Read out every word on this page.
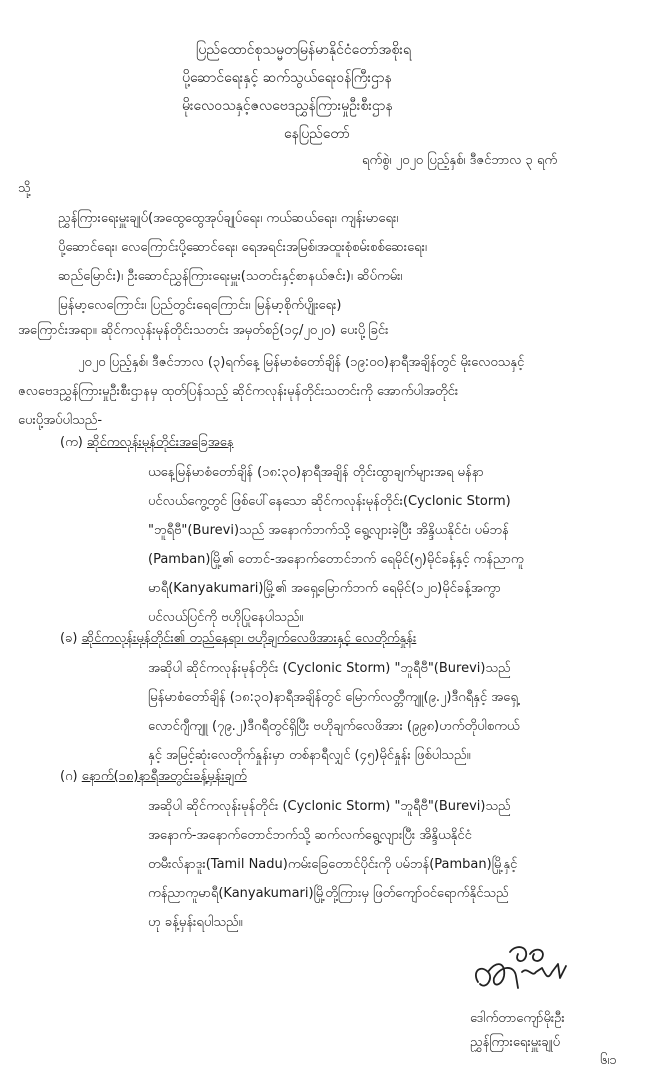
ပြည်ထောင်စုသမ္မတမြန်မာနိုင်ငံတော်အစိုးရ
ပို့ဆောင်ရေးနှင့် ဆက်သွယ်ရေးဝန်ကြီးဌာန
မိုးလေဝသနှင့်ဇလဗေဒညွှန်ကြားမှုဦးစီးဌာန
နေပြည်တော်
ရက်စွဲ၊ ၂၀၂၀ ပြည့်နှစ်၊ ဒီဇင်ဘာလ ၃ ရက်
သို့
ညွှန်ကြားရေးမှူးချုပ်(အထွေထွေအုပ်ချုပ်ရေး၊ ကယ်ဆယ်ရေး၊ ကျန်းမာရေး၊
ပို့ဆောင်ရေး၊ လေကြောင်းပို့ဆောင်ရေး၊ ရေအရင်းအမြစ်၊အထူးစုံစမ်းစစ်ဆေးရေး၊
ဆည်မြောင်း)၊ ဦးဆောင်ညွှန်ကြားရေးမှူး(သတင်းနှင့်စာနယ်ဇင်း)၊ ဆိပ်ကမ်း၊
မြန်မာ့လေကြောင်း၊ ပြည်တွင်းရေကြောင်း၊ မြန်မာ့စိုက်ပျိုးရေး)
အကြောင်းအရာ။ ဆိုင်ကလုန်းမုန်တိုင်းသတင်း အမှတ်စဉ်(၁၄/၂၀၂၀) ပေးပို့ခြင်း
၂၀၂၀ ပြည့်နှစ်၊ ဒီဇင်ဘာလ (၃)ရက်နေ့ မြန်မာစံတော်ချိန် (၁၉:၀၀)နာရီအချိန်တွင် မိုးလေဝသနှင့်
ဇလဗေဒညွှန်ကြားမှုဦးစီးဌာနမှ ထုတ်ပြန်သည့် ဆိုင်ကလုန်းမုန်တိုင်းသတင်းကို အောက်ပါအတိုင်း
ပေးပို့အပ်ပါသည်-
(က) ဆိုင်ကလုန်းမုန်တိုင်းအခြေအနေ
ယနေ့မြန်မာစံတော်ချိန် (၁၈:၃၀)နာရီအချိန် တိုင်းထွာချက်များအရ မန်နာ
ပင်လယ်ကွေ့တွင် ဖြစ်ပေါ်နေသော ဆိုင်ကလုန်းမုန်တိုင်း(Cyclonic Storm)
"ဘူရီဗီ"(Burevi)သည် အနောက်ဘက်သို့ ရွေ့လျားခဲ့ပြီး အိန္ဒိယနိုင်ငံ၊ ပမ်ဘန်
(Pamban)မြို့၏ တောင်-အနောက်တောင်ဘက် ရေမိုင်(၅)မိုင်ခန့်နှင့် ကန်ညာကူ
မာရီ(Kanyakumari)မြို့၏ အရှေ့မြောက်ဘက် ရေမိုင်(၁၂၀)မိုင်ခန့်အကွာ
ပင်လယ်ပြင်ကို ဗဟိုပြုနေပါသည်။
(ခ) ဆိုင်ကလုန်းမုန်တိုင်း၏ တည်နေရာ၊ ဗဟိုချက်လေဖိအားနှင့် လေတိုက်နှုန်း
အဆိုပါ ဆိုင်ကလုန်းမုန်တိုင်း (Cyclonic Storm) "ဘူရီဗီ"(Burevi)သည်
မြန်မာစံတော်ချိန် (၁၈:၃၀)နာရီအချိန်တွင် မြောက်လတ္တီကျူ(၉.၂)ဒီဂရီနှင့် အရှေ့
လောင်ဂျီကျူ (၇၉.၂)ဒီဂရီတွင်ရှိပြီး ဗဟိုချက်လေဖိအား (၉၉၈)ဟက်တိုပါစကယ်
နှင့် အမြင့်ဆုံးလေတိုက်နှုန်းမှာ တစ်နာရီလျှင် (၄၅)မိုင်နှုန်း ဖြစ်ပါသည်။
(ဂ) နောက်(၁၈)နာရီအတွင်းခန့်မှန်းချက်
အဆိုပါ ဆိုင်ကလုန်းမုန်တိုင်း (Cyclonic Storm) "ဘူရီဗီ"(Burevi)သည်
အနောက်-အနောက်တောင်ဘက်သို့ ဆက်လက်ရွေ့လျားပြီး အိန္ဒိယနိုင်ငံ
တမီးလ်နာဒူး(Tamil Nadu)ကမ်းခြေတောင်ပိုင်းကို ပမ်ဘန်(Pamban)မြို့နှင့်
ကန်ညာကူမာရီ(Kanyakumari)မြို့တို့ကြားမှ ဖြတ်ကျော်ဝင်ရောက်နိုင်သည်
ဟု ခန့်မှန်းရပါသည်။
ဒေါက်တာကျော်မိုးဦး
ညွှန်ကြားရေးမှူးချုပ်
၆၊၁
